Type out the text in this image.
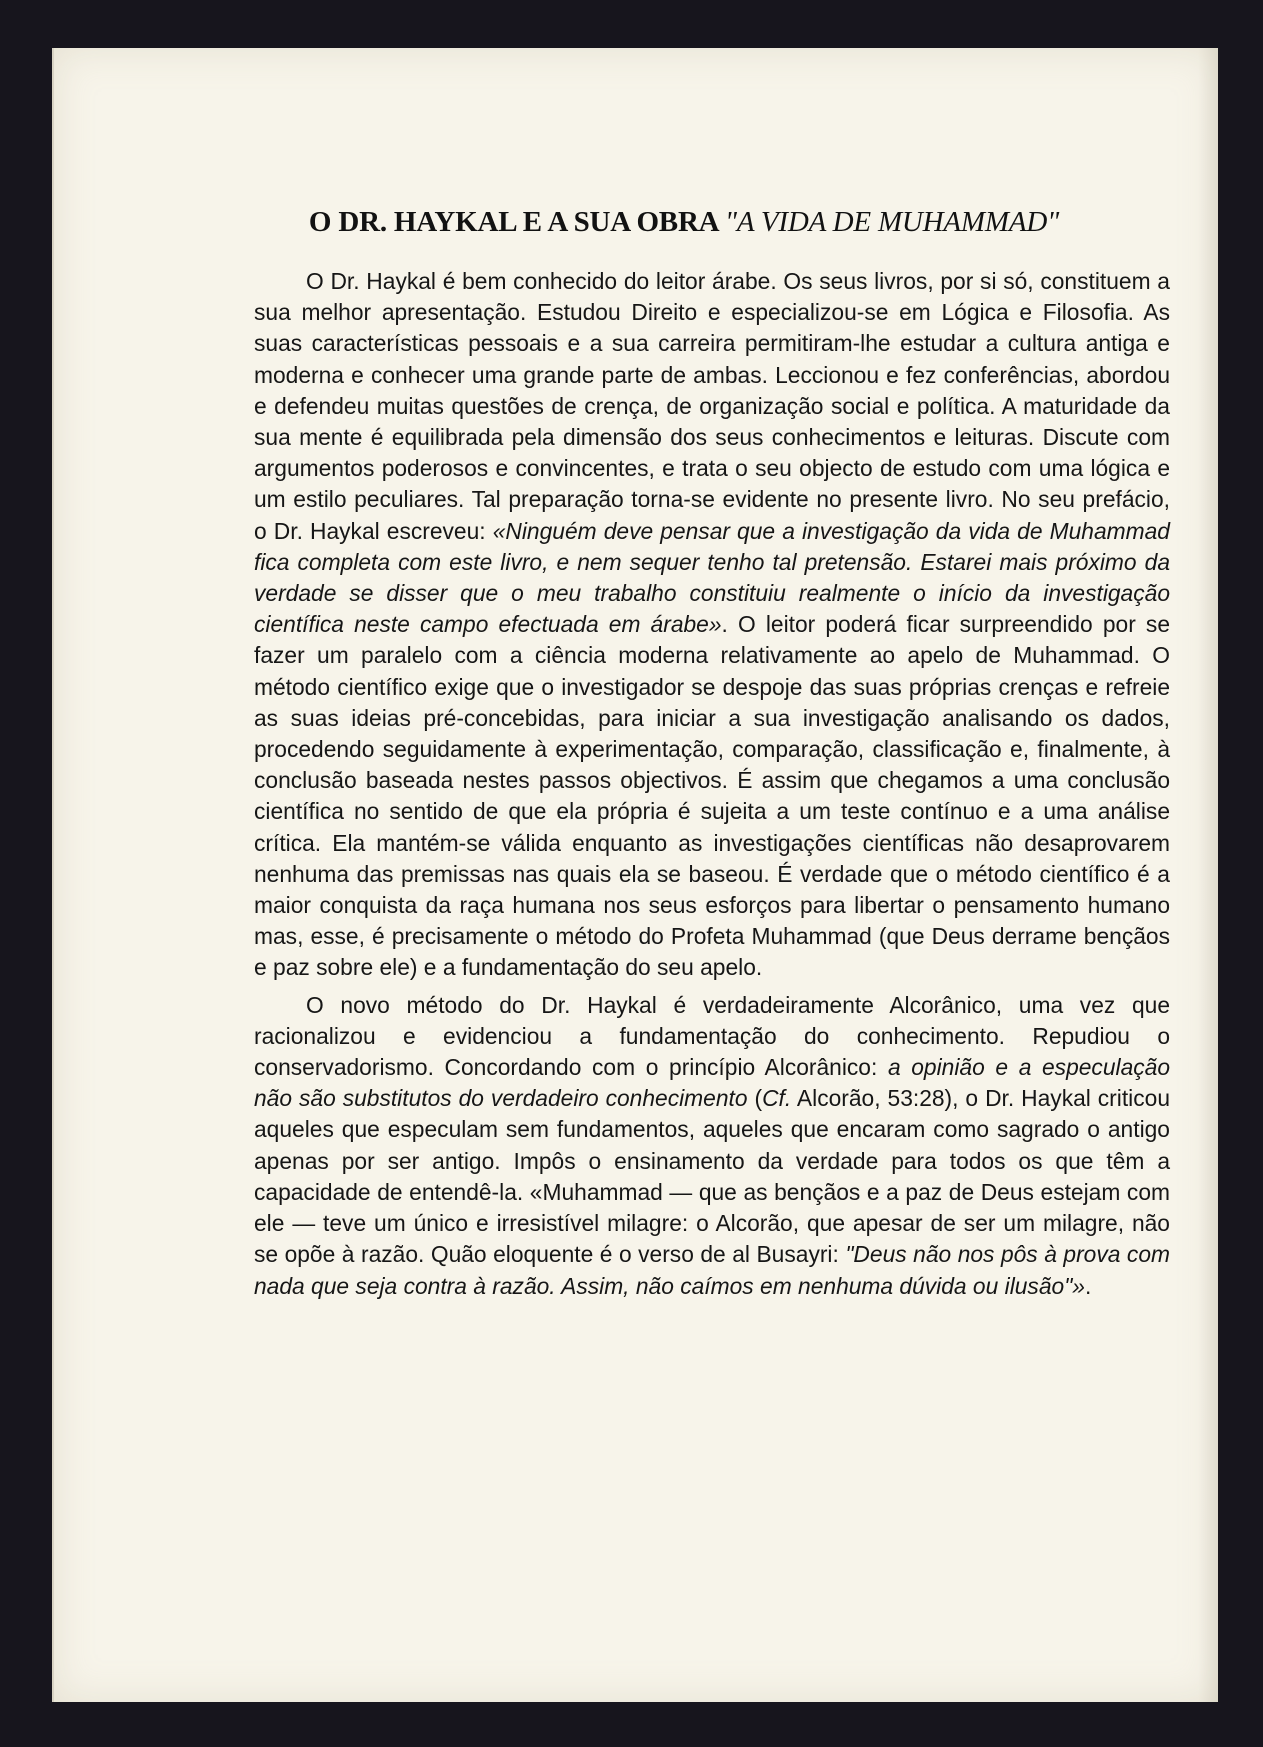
O DR. HAYKAL E A SUA OBRA "A VIDA DE MUHAMMAD"

O Dr. Haykal é bem conhecido do leitor árabe. Os seus livros, por si só, constituem a sua melhor apresentação. Estudou Direito e especializou-se em Lógica e Filosofia. As suas características pessoais e a sua carreira permitiram-lhe estudar a cultura antiga e moderna e conhecer uma grande parte de ambas. Leccionou e fez conferências, abordou e defendeu muitas questões de crença, de organização social e política. A maturidade da sua mente é equilibrada pela dimensão dos seus conhecimentos e leituras. Discute com argumentos poderosos e convincentes, e trata o seu objecto de estudo com uma lógica e um estilo peculiares. Tal preparação torna-se evidente no presente livro. No seu prefácio, o Dr. Haykal escreveu: «Ninguém deve pensar que a investigação da vida de Muhammad fica completa com este livro, e nem sequer tenho tal pretensão. Estarei mais próximo da verdade se disser que o meu trabalho constituiu realmente o início da investigação científica neste campo efectuada em árabe». O leitor poderá ficar surpreendido por se fazer um paralelo com a ciência moderna relativamente ao apelo de Muhammad. O método científico exige que o investigador se despoje das suas próprias crenças e refreie as suas ideias pré-concebidas, para iniciar a sua investigação analisando os dados, procedendo seguidamente à experimentação, comparação, classificação e, finalmente, à conclusão baseada nestes passos objectivos. É assim que chegamos a uma conclusão científica no sentido de que ela própria é sujeita a um teste contínuo e a uma análise crítica. Ela mantém-se válida enquanto as investigações científicas não desaprovarem nenhuma das premissas nas quais ela se baseou. É verdade que o método científico é a maior conquista da raça humana nos seus esforços para libertar o pensamento humano mas, esse, é precisamente o método do Profeta Muhammad (que Deus derrame bençãos e paz sobre ele) e a fundamentação do seu apelo.

O novo método do Dr. Haykal é verdadeiramente Alcorânico, uma vez que racionalizou e evidenciou a fundamentação do conhecimento. Repudiou o conservadorismo. Concordando com o princípio Alcorânico: a opinião e a especulação não são substitutos do verdadeiro conhecimento (Cf. Alcorão, 53:28), o Dr. Haykal criticou aqueles que especulam sem fundamentos, aqueles que encaram como sagrado o antigo apenas por ser antigo. Impôs o ensinamento da verdade para todos os que têm a capacidade de entendê-la. «Muhammad — que as bençãos e a paz de Deus estejam com ele — teve um único e irresistível milagre: o Alcorão, que apesar de ser um milagre, não se opõe à razão. Quão eloquente é o verso de al Busayri: "Deus não nos pôs à prova com nada que seja contra à razão. Assim, não caímos em nenhuma dúvida ou ilusão"».
